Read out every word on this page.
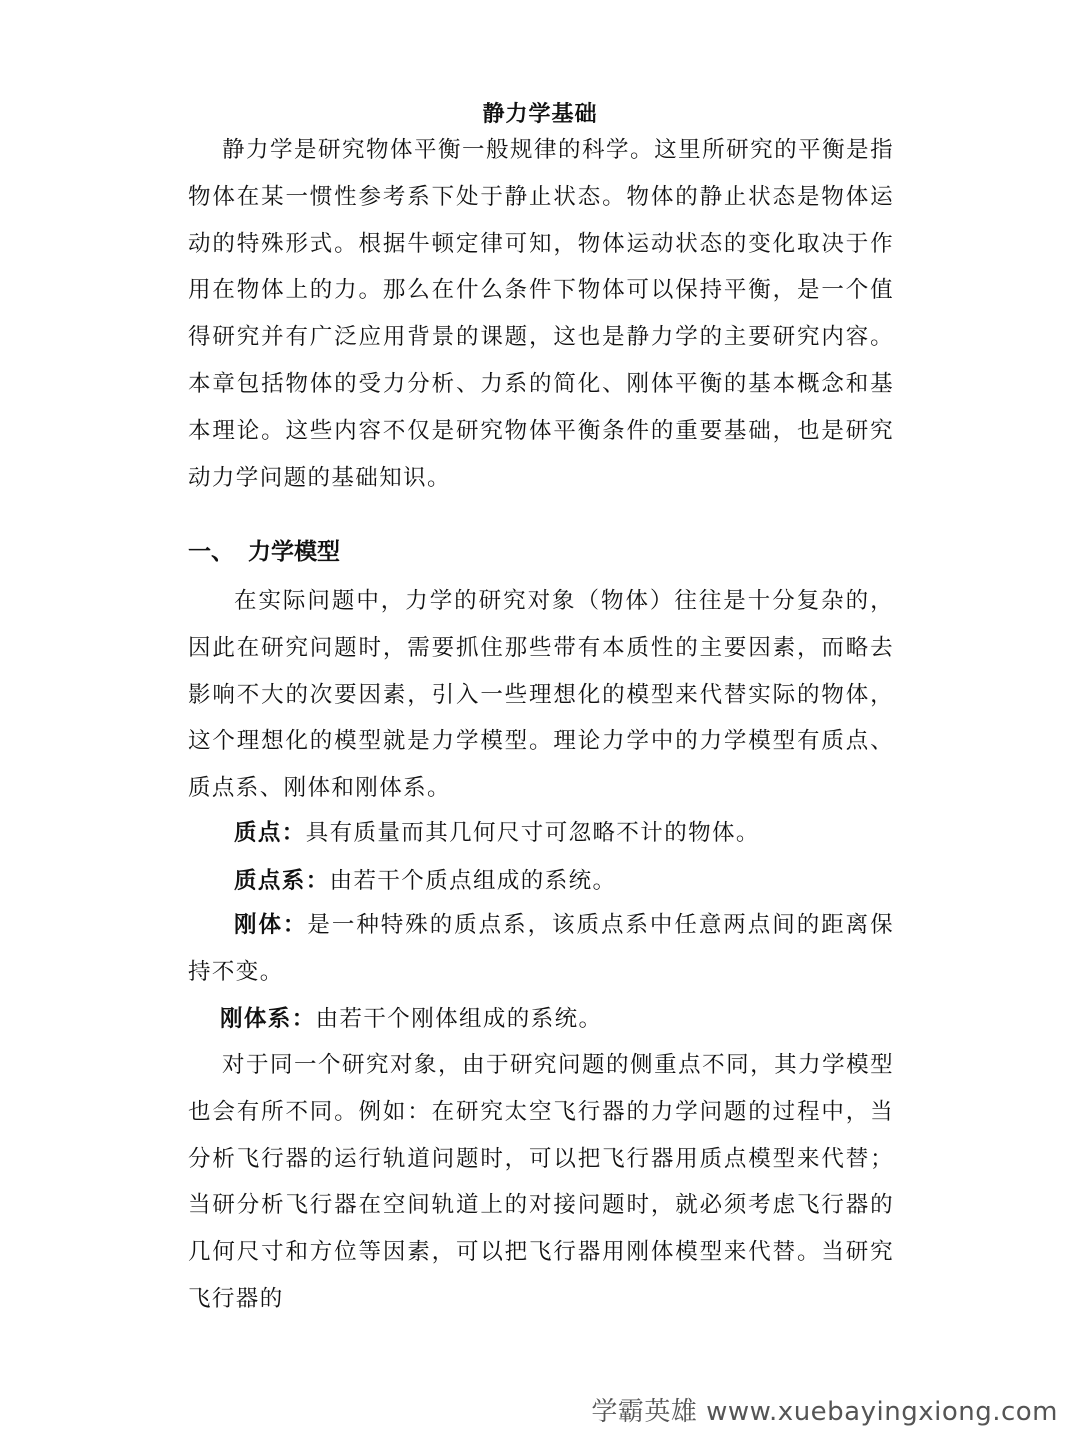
静力学基础

静力学是研究物体平衡一般规律的科学。这里所研究的平衡是指物体在某一惯性参考系下处于静止状态。物体的静止状态是物体运动的特殊形式。根据牛顿定律可知，物体运动状态的变化取决于作用在物体上的力。那么在什么条件下物体可以保持平衡，是一个值得研究并有广泛应用背景的课题，这也是静力学的主要研究内容。本章包括物体的受力分析、力系的简化、刚体平衡的基本概念和基本理论。这些内容不仅是研究物体平衡条件的重要基础，也是研究动力学问题的基础知识。

一、 力学模型

在实际问题中，力学的研究对象（物体）往往是十分复杂的，因此在研究问题时，需要抓住那些带有本质性的主要因素，而略去影响不大的次要因素，引入一些理想化的模型来代替实际的物体，这个理想化的模型就是力学模型。理论力学中的力学模型有质点、质点系、刚体和刚体系。

质点：具有质量而其几何尺寸可忽略不计的物体。

质点系：由若干个质点组成的系统。

刚体：是一种特殊的质点系，该质点系中任意两点间的距离保持不变。

刚体系：由若干个刚体组成的系统。

对于同一个研究对象，由于研究问题的侧重点不同，其力学模型也会有所不同。例如：在研究太空飞行器的力学问题的过程中，当分析飞行器的运行轨道问题时，可以把飞行器用质点模型来代替；当研分析飞行器在空间轨道上的对接问题时，就必须考虑飞行器的几何尺寸和方位等因素，可以把飞行器用刚体模型来代替。当研究飞行器的

学霸英雄 www.xuebayingxiong.com
